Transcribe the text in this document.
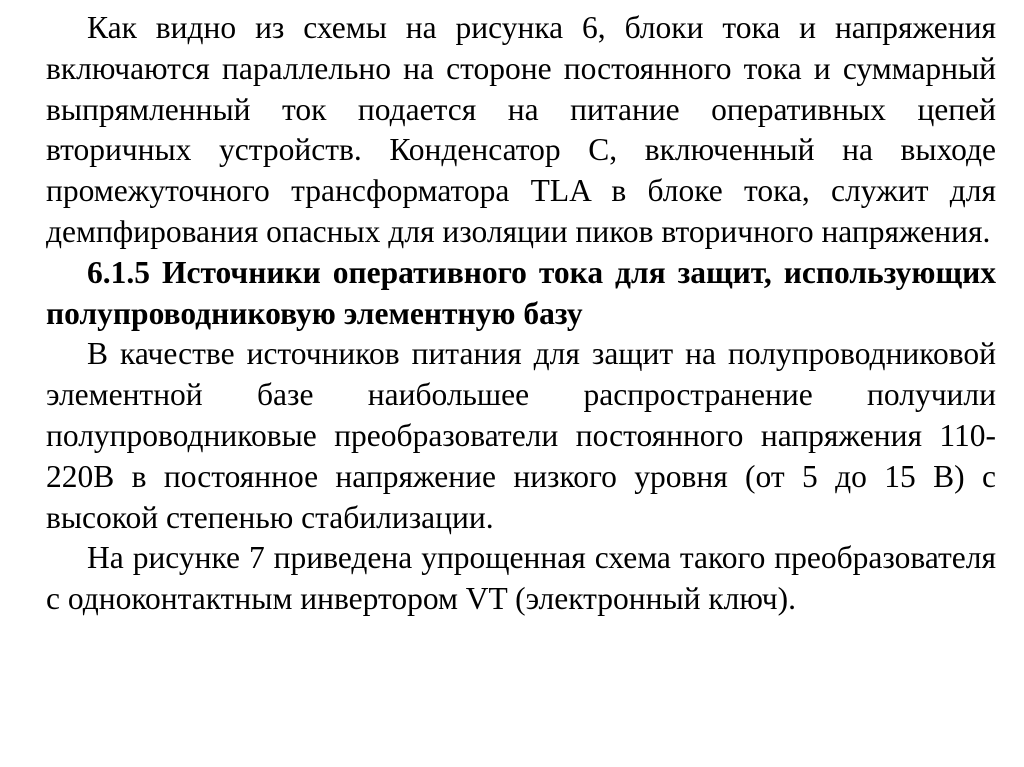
Как видно из схемы на рисунка 6, блоки тока и напряжения включаются параллельно на стороне постоянного тока и суммарный выпрямленный ток подается на питание оперативных цепей вторичных устройств. Конденсатор С, включенный на выходе промежуточного трансформатора TLA в блоке тока, служит для демпфирования опасных для изоляции пиков вторичного напряжения.

6.1.5 Источники оперативного тока для защит, использующих полупроводниковую элементную базу

В качестве источников питания для защит на полупроводниковой элементной базе наибольшее распространение получили полупроводниковые преобразователи постоянного напряжения 110-220В в постоянное напряжение низкого уровня (от 5 до 15 В) с высокой степенью стабилизации.

На рисунке 7 приведена упрощенная схема такого преобразователя с одноконтактным инвертором VT (электронный ключ).
